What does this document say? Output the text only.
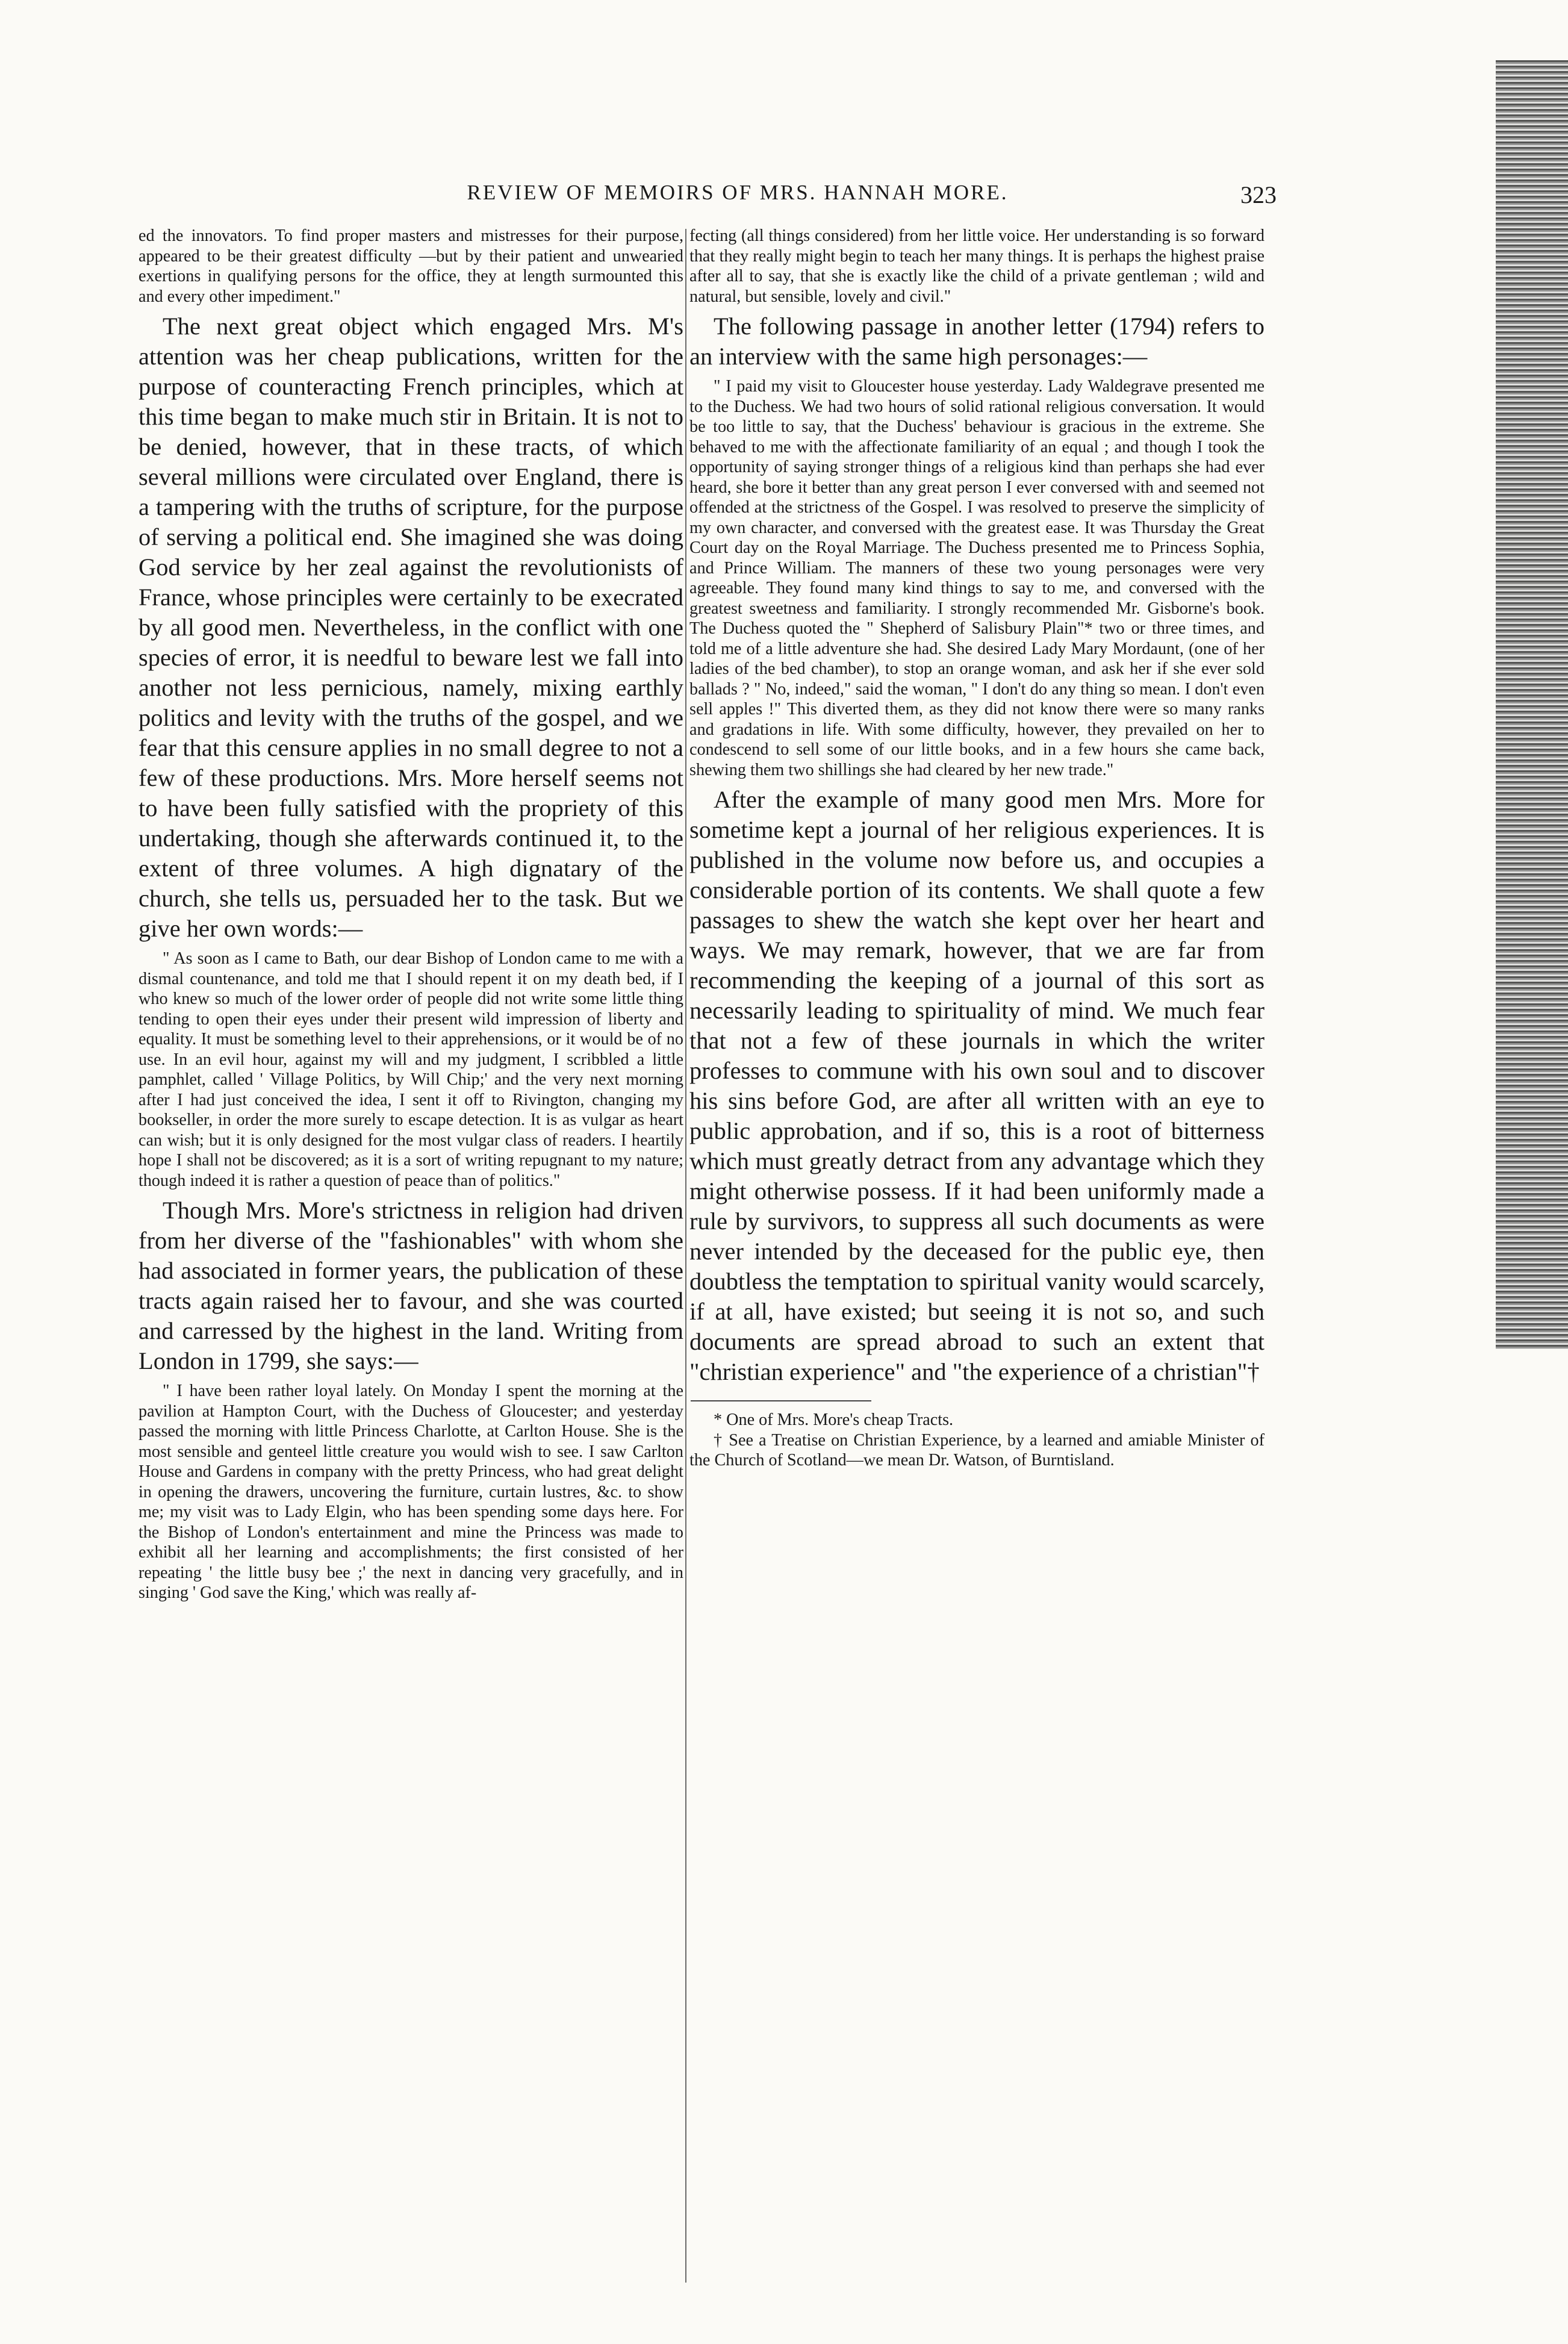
REVIEW OF MEMOIRS OF MRS. HANNAH MORE.	323

ed the innovators. To find proper masters and mistresses for their purpose, appeared to be their greatest difficulty —but by their patient and unwearied exertions in qualifying persons for the office, they at length surmounted this and every other impediment."

The next great object which engaged Mrs. M's attention was her cheap publications, written for the purpose of counteracting French principles, which at this time began to make much stir in Britain. It is not to be denied, however, that in these tracts, of which several millions were circulated over England, there is a tampering with the truths of scripture, for the purpose of serving a political end. She imagined she was doing God service by her zeal against the revolutionists of France, whose principles were certainly to be execrated by all good men. Nevertheless, in the conflict with one species of error, it is needful to beware lest we fall into another not less pernicious, namely, mixing earthly politics and levity with the truths of the gospel, and we fear that this censure applies in no small degree to not a few of these productions. Mrs. More herself seems not to have been fully satisfied with the propriety of this undertaking, though she afterwards continued it, to the extent of three volumes. A high dignatary of the church, she tells us, persuaded her to the task. But we give her own words:—

" As soon as I came to Bath, our dear Bishop of London came to me with a dismal countenance, and told me that I should repent it on my death bed, if I who knew so much of the lower order of people did not write some little thing tending to open their eyes under their present wild impression of liberty and equality. It must be something level to their apprehensions, or it would be of no use. In an evil hour, against my will and my judgment, I scribbled a little pamphlet, called ' Village Politics, by Will Chip;' and the very next morning after I had just conceived the idea, I sent it off to Rivington, changing my bookseller, in order the more surely to escape detection. It is as vulgar as heart can wish; but it is only designed for the most vulgar class of readers. I heartily hope I shall not be discovered; as it is a sort of writing repugnant to my nature; though indeed it is rather a question of peace than of politics."

Though Mrs. More's strictness in religion had driven from her diverse of the "fashionables" with whom she had associated in former years, the publication of these tracts again raised her to favour, and she was courted and carressed by the highest in the land. Writing from London in 1799, she says:—

" I have been rather loyal lately. On Monday I spent the morning at the pavilion at Hampton Court, with the Duchess of Gloucester; and yesterday passed the morning with little Princess Charlotte, at Carlton House. She is the most sensible and genteel little creature you would wish to see. I saw Carlton House and Gardens in company with the pretty Princess, who had great delight in opening the drawers, uncovering the furniture, curtain lustres, &c. to show me; my visit was to Lady Elgin, who has been spending some days here. For the Bishop of London's entertainment and mine the Princess was made to exhibit all her learning and accomplishments; the first consisted of her repeating ' the little busy bee ;' the next in dancing very gracefully, and in singing ' God save the King,' which was really af-

fecting (all things considered) from her little voice. Her understanding is so forward that they really might begin to teach her many things. It is perhaps the highest praise after all to say, that she is exactly like the child of a private gentleman ; wild and natural, but sensible, lovely and civil."

The following passage in another letter (1794) refers to an interview with the same high personages:—

" I paid my visit to Gloucester house yesterday. Lady Waldegrave presented me to the Duchess. We had two hours of solid rational religious conversation. It would be too little to say, that the Duchess' behaviour is gracious in the extreme. She behaved to me with the affectionate familiarity of an equal ; and though I took the opportunity of saying stronger things of a religious kind than perhaps she had ever heard, she bore it better than any great person I ever conversed with and seemed not offended at the strictness of the Gospel. I was resolved to preserve the simplicity of my own character, and conversed with the greatest ease. It was Thursday the Great Court day on the Royal Marriage. The Duchess presented me to Princess Sophia, and Prince William. The manners of these two young personages were very agreeable. They found many kind things to say to me, and conversed with the greatest sweetness and familiarity. I strongly recommended Mr. Gisborne's book. The Duchess quoted the " Shepherd of Salisbury Plain"* two or three times, and told me of a little adventure she had. She desired Lady Mary Mordaunt, (one of her ladies of the bed chamber), to stop an orange woman, and ask her if she ever sold ballads ? " No, indeed," said the woman, " I don't do any thing so mean. I don't even sell apples !" This diverted them, as they did not know there were so many ranks and gradations in life. With some difficulty, however, they prevailed on her to condescend to sell some of our little books, and in a few hours she came back, shewing them two shillings she had cleared by her new trade."

After the example of many good men Mrs. More for sometime kept a journal of her religious experiences. It is published in the volume now before us, and occupies a considerable portion of its contents. We shall quote a few passages to shew the watch she kept over her heart and ways. We may remark, however, that we are far from recommending the keeping of a journal of this sort as necessarily leading to spirituality of mind. We much fear that not a few of these journals in which the writer professes to commune with his own soul and to discover his sins before God, are after all written with an eye to public approbation, and if so, this is a root of bitterness which must greatly detract from any advantage which they might otherwise possess. If it had been uniformly made a rule by survivors, to suppress all such documents as were never intended by the deceased for the public eye, then doubtless the temptation to spiritual vanity would scarcely, if at all, have existed; but seeing it is not so, and such documents are spread abroad to such an extent that "christian experience" and "the experience of a christian"†

* One of Mrs. More's cheap Tracts.

† See a Treatise on Christian Experience, by a learned and amiable Minister of the Church of Scotland—we mean Dr. Watson, of Burntisland.
